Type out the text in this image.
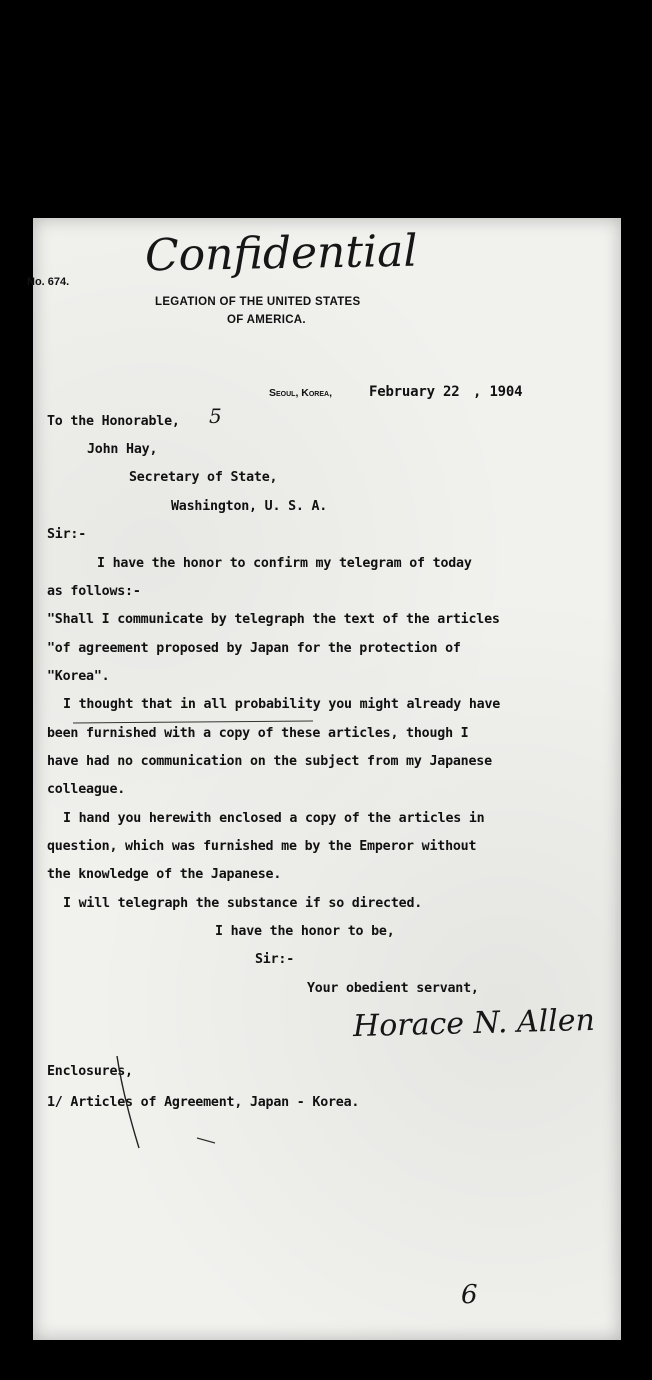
Confidential
No. 674.
LEGATION OF THE UNITED STATES
OF AMERICA.
Seoul, Korea,	February 22 , 1904
5
To the Honorable,
John Hay,
Secretary of State,
Washington, U. S. A.
Sir:-
I have the honor to confirm my telegram of today
as follows:-
"Shall I communicate by telegraph the text of the articles
"of agreement proposed by Japan for the protection of
"Korea".
I thought that in all probability you might already have
been furnished with a copy of these articles, though I
have had no communication on the subject from my Japanese
colleague.
I hand you herewith enclosed a copy of the articles in
question, which was furnished me by the Emperor without
the knowledge of the Japanese.
I will telegraph the substance if so directed.
I have the honor to be,
Sir:-
Your obedient servant,
Horace N. Allen
Enclosures,
1/ Articles of Agreement, Japan - Korea.
6
